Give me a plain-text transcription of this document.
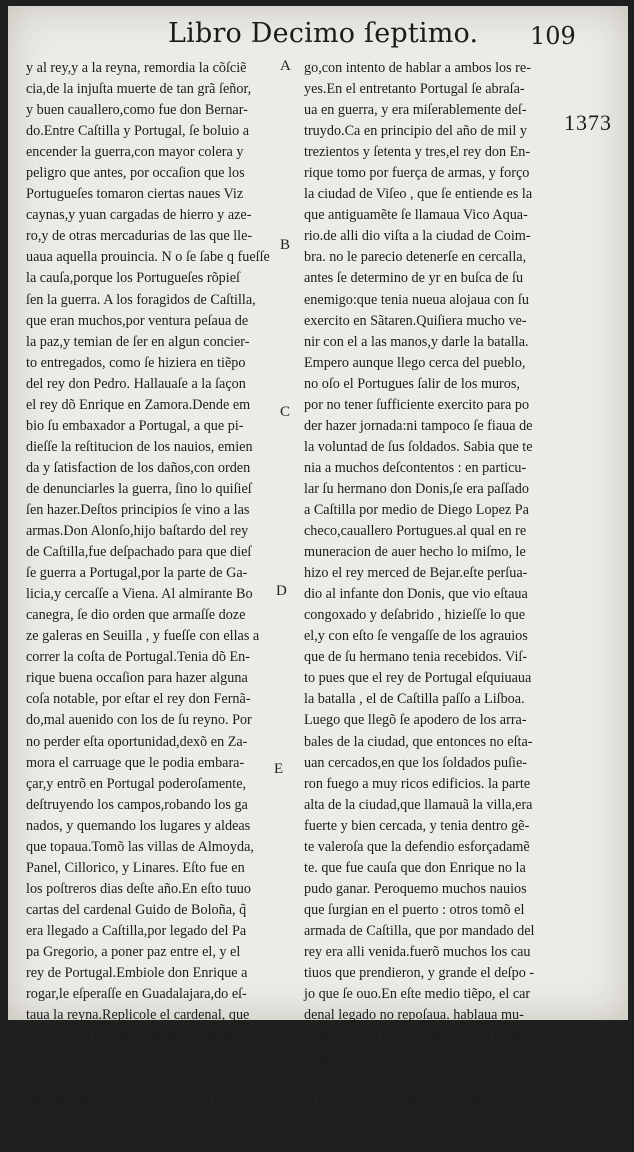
Libro Decimo ſeptimo. 109
y al rey,y a la reyna, remordia la cõſciẽ
cia,de la injuſta muerte de tan grã ſeñor,
y buen cauallero,como fue don Bernar-
do.Entre Caſtilla y Portugal, ſe boluio a
encender la guerra,con mayor colera y
peligro que antes, por occaſion que los
Portugueſes tomaron ciertas naues Viz
caynas,y yuan cargadas de hierro y aze-
ro,y de otras mercadurias de las que lle-
uaua aquella prouincia. N o ſe ſabe q fueſſe
la cauſa,porque los Portugueſes rõpieſ
ſen la guerra. A los foragidos de Caſtilla,
que eran muchos,por ventura peſaua de
la paz,y temian de ſer en algun concier-
to entregados, como ſe hiziera en tiẽpo
del rey don Pedro. Hallauaſe a la ſaçon
el rey dõ Enrique en Zamora.Dende em
bio ſu embaxador a Portugal, a que pi-
dieſſe la reſtitucion de los nauios, emien
da y ſatisfaction de los daños,con orden
de denunciarles la guerra, ſino lo quiſieſ
ſen hazer.Deſtos principios ſe vino a las
armas.Don Alonſo,hijo baſtardo del rey
de Caſtilla,fue deſpachado para que dieſ
ſe guerra a Portugal,por la parte de Ga-
licia,y cercaſſe a Viena. Al almirante Bo
canegra, ſe dio orden que armaſſe doze
ze galeras en Seuilla , y fueſſe con ellas a
correr la coſta de Portugal.Tenia dõ En-
rique buena occaſion para hazer alguna
coſa notable, por eſtar el rey don Fernã-
do,mal auenido con los de ſu reyno. Por
no perder eſta oportunidad,dexõ en Za-
mora el carruage que le podia embara-
çar,y entrõ en Portugal poderoſamente,
deſtruyendo los campos,robando los ga
nados, y quemando los lugares y aldeas
que topaua.Tomõ las villas de Almoyda,
Panel, Cillorico, y Linares. Eſto fue en
los poſtreros dias deſte año.En eſto tuuo
cartas del cardenal Guido de Boloña, q̃
era llegado a Caſtilla,por legado del Pa
pa Gregorio, a poner paz entre el, y el
rey de Portugal.Embiole don Enrique a
rogar,le eſperaſſe en Guadalajara,do eſ-
taua la reyna.Replicole el cardenal, que
no era juſto eſtarſe el quedo,ſin hazer di
ligencia en aquello para que el Papa le
mandaua,que era eſtoruar la guerra que
tan trauada veya. Con eſto ſe dio prieſſa
a caminar,haſta que llego a Ciudadrodri
go,con intento de hablar a ambos los re-
yes.En el entretanto Portugal ſe abraſa-
ua en guerra, y era miſerablemente deſ-
truydo.Ca en principio del año de mil y
trezientos y ſetenta y tres,el rey don En-
rique tomo por fuerça de armas, y forço
la ciudad de Viſeo , que ſe entiende es la
que antiguamẽte ſe llamaua Vico Aqua-
rio.de alli dio viſta a la ciudad de Coim-
bra. no le parecio detenerſe en cercalla,
antes ſe determino de yr en buſca de ſu
enemigo:que tenia nueua alojaua con ſu
exercito en Sãtaren.Quiſiera mucho ve-
nir con el a las manos,y darle la batalla.
Empero aunque llego cerca del pueblo,
no oſo el Portugues ſalir de los muros,
por no tener ſufficiente exercito para po
der hazer jornada:ni tampoco ſe fiaua de
la voluntad de ſus ſoldados. Sabia que te
nia a muchos deſcontentos : en particu-
lar ſu hermano don Donis,ſe era paſſado
a Caſtilla por medio de Diego Lopez Pa
checo,cauallero Portugues.al qual en re
muneracion de auer hecho lo miſmo, le
hizo el rey merced de Bejar.eſte perſua-
dio al infante don Donis, que vio eſtaua
congoxado y deſabrido , hizieſſe lo que
el,y con eſto ſe vengaſſe de los agrauios
que de ſu hermano tenia recebidos. Viſ-
to pues que el rey de Portugal eſquiuaua
la batalla , el de Caſtilla paſſo a Liſboa.
Luego que llegõ ſe apodero de los arra-
bales de la ciudad, que entonces no eſta-
uan cercados,en que los ſoldados puſie-
ron fuego a muy ricos edificios. la parte
alta de la ciudad,que llamauã la villa,era
fuerte y bien cercada, y tenia dentro gẽ-
te valeroſa que la defendio esforçadamẽ
te. que fue cauſa que don Enrique no la
pudo ganar. Peroquemo muchos nauios
que ſurgian en el puerto : otros tomõ el
armada de Caſtilla, que por mandado del
rey era alli venida.fuerõ muchos los cau
tiuos que prendieron, y grande el deſpo -
jo que ſe ouo.En eſte medio tiẽpo, el car
denal legado no repoſaua. hablaua mu-
chas vezes al vn rey y al otro, ſin eſcuſar
ningun trabajo,ni el rieſgo en q ponia ſu
ſalud con tãtos caminos como hazia. Tã-
ta diligencia puſo,que en veynte y ocho
dias del mes de Março , los reyes y el le-
gado
A
B
C
D
E
1373
